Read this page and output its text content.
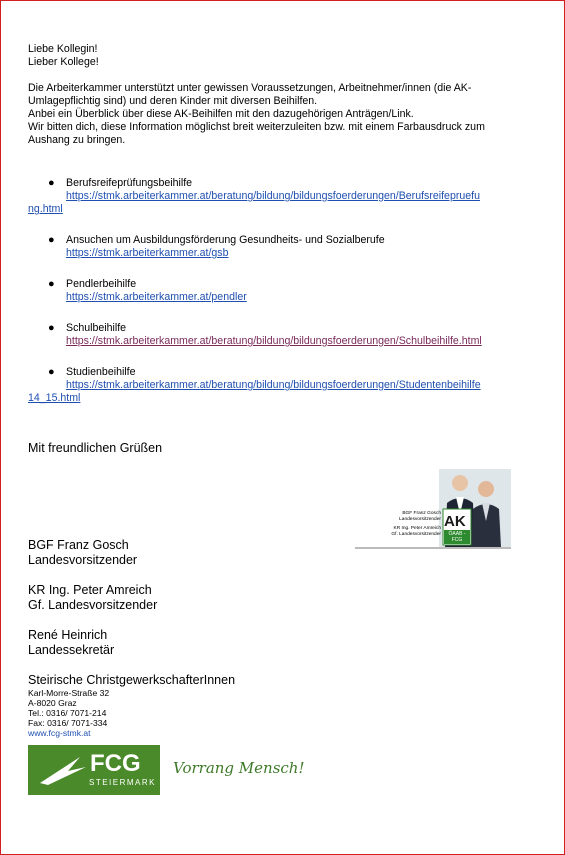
Liebe Kollegin!

Lieber Kollege!

Die Arbeiterkammer unterstützt unter gewissen Voraussetzungen, Arbeitnehmer/innen (die AK-

Umlagepflichtig sind) und deren Kinder mit diversen Beihilfen.

Anbei ein Überblick über diese AK-Beihilfen mit den dazugehörigen Anträgen/Link.

Wir bitten dich, diese Information möglichst breit weiterzuleiten bzw. mit einem Farbausdruck zum

Aushang zu bringen.

●	Berufsreifeprüfungsbeihilfe
https://stmk.arbeiterkammer.at/beratung/bildung/bildungsfoerderungen/Berufsreifepruefu
ng.html
●	Ansuchen um Ausbildungsförderung Gesundheits- und Sozialberufe
https://stmk.arbeiterkammer.at/gsb
●	Pendlerbeihilfe
https://stmk.arbeiterkammer.at/pendler
●	Schulbeihilfe
https://stmk.arbeiterkammer.at/beratung/bildung/bildungsfoerderungen/Schulbeihilfe.html
●	Studienbeihilfe
https://stmk.arbeiterkammer.at/beratung/bildung/bildungsfoerderungen/Studentenbeihilfe
14_15.html
Mit freundlichen Grüßen
AK
ÖAAB - FCG
BGF Franz Gosch
Landesvorsitzender
KR Ing. Peter Amreich
Gf. Landesvorsitzender
BGF Franz Gosch
Landesvorsitzender
KR Ing. Peter Amreich
Gf. Landesvorsitzender
René Heinrich
Landessekretär
Steirische ChristgewerkschafterInnen
Karl-Morre-Straße 32
A-8020 Graz
Tel.: 0316/ 7071-214
Fax: 0316/ 7071-334
www.fcg-stmk.at
FCG
STEIERMARK
Vorrang Mensch!
